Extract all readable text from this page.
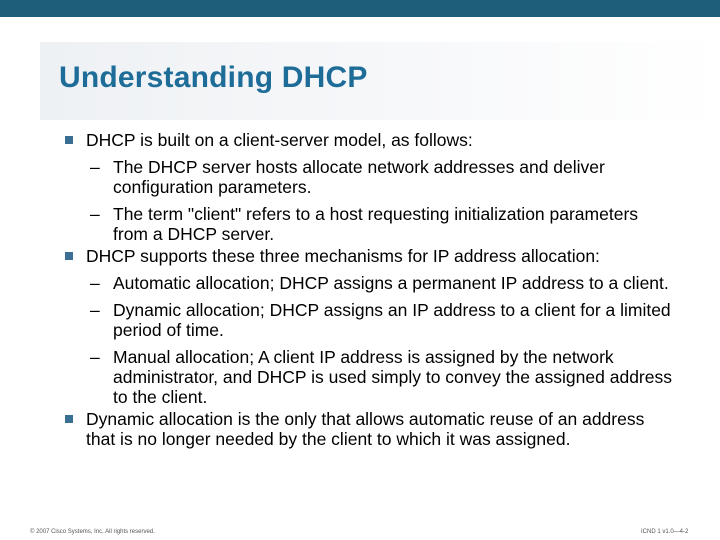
Understanding DHCP
DHCP is built on a client-server model, as follows:
– The DHCP server hosts allocate network addresses and deliver configuration parameters.
– The term "client" refers to a host requesting initialization parameters from a DHCP server.
DHCP supports these three mechanisms for IP address allocation:
– Automatic allocation; DHCP assigns a permanent IP address to a client.
– Dynamic allocation; DHCP assigns an IP address to a client for a limited period of time.
– Manual allocation; A client IP address is assigned by the network administrator, and DHCP is used simply to convey the assigned address to the client.
Dynamic allocation is the only that allows automatic reuse of an address that is no longer needed by the client to which it was assigned.
© 2007 Cisco Systems, Inc. All rights reserved.	ICND 1 v1.0—4-2
